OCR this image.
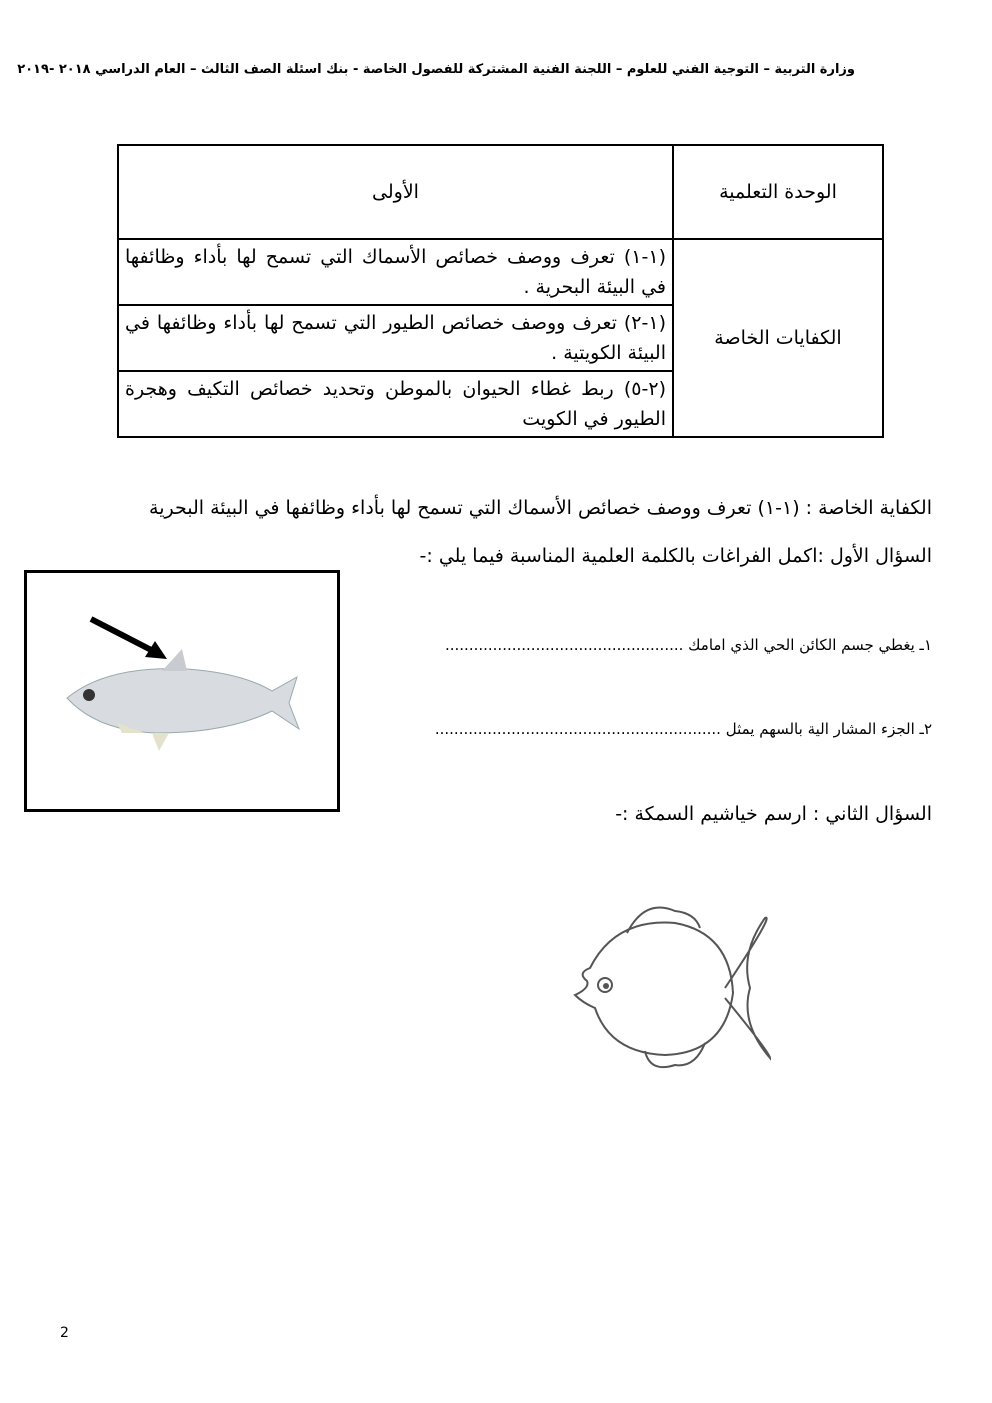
وزارة التربية – التوجية الفني للعلوم – اللجنة الفنية المشتركة للفصول الخاصة - بنك اسئلة الصف الثالث – العام الدراسي ٢٠١٨ -٢٠١٩
الوحدة التعلمية	الأولى
الكفايات الخاصة	(١-١) تعرف ووصف خصائص الأسماك التي تسمح لها بأداء وظائفها في البيئة البحرية .
	(١-٢) تعرف ووصف خصائص الطيور التي تسمح لها بأداء وظائفها في البيئة الكويتية .
	(٢-٥) ربط غطاء الحيوان بالموطن وتحديد خصائص التكيف وهجرة الطيور في الكويت
الكفاية الخاصة : (١-١) تعرف ووصف خصائص الأسماك التي تسمح لها بأداء وظائفها في البيئة البحرية
السؤال الأول :اكمل الفراغات بالكلمة العلمية المناسبة فيما يلي :-
١ـ يغطي جسم الكائن الحي الذي امامك ..................................................
٢ـ الجزء المشار الية بالسهم يمثل ............................................................
السؤال الثاني : ارسم خياشيم السمكة :-
2
